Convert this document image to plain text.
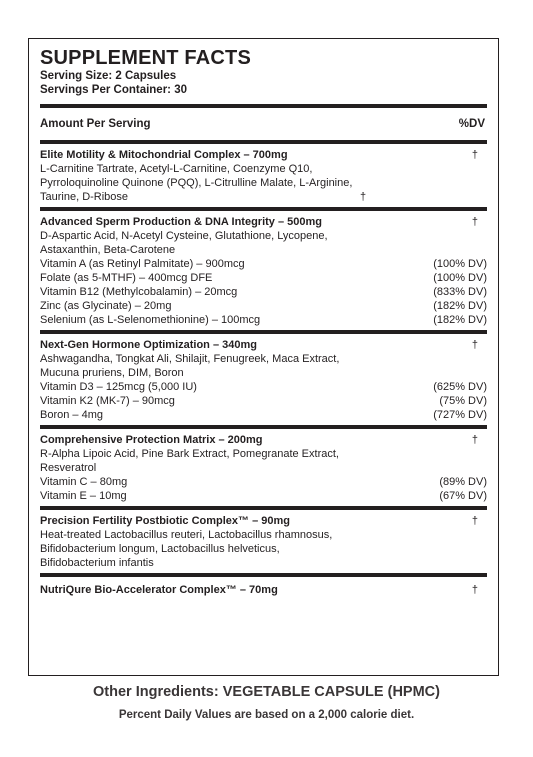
SUPPLEMENT FACTS
Serving Size: 2 Capsules
Servings Per Container: 30
Amount Per Serving	%DV
Elite Motility & Mitochondrial Complex – 700mg	†
L-Carnitine Tartrate, Acetyl-L-Carnitine, Coenzyme Q10,
Pyrroloquinoline Quinone (PQQ), L-Citrulline Malate, L-Arginine,
Taurine, D-Ribose	†
Advanced Sperm Production & DNA Integrity – 500mg	†
D-Aspartic Acid, N-Acetyl Cysteine, Glutathione, Lycopene,
Astaxanthin, Beta-Carotene
Vitamin A (as Retinyl Palmitate) – 900mcg	(100% DV)
Folate (as 5-MTHF) – 400mcg DFE	(100% DV)
Vitamin B12 (Methylcobalamin) – 20mcg	(833% DV)
Zinc (as Glycinate) – 20mg	(182% DV)
Selenium (as L-Selenomethionine) – 100mcg	(182% DV)
Next-Gen Hormone Optimization – 340mg	†
Ashwagandha, Tongkat Ali, Shilajit, Fenugreek, Maca Extract,
Mucuna pruriens, DIM, Boron
Vitamin D3 – 125mcg (5,000 IU)	(625% DV)
Vitamin K2 (MK-7) – 90mcg	(75% DV)
Boron – 4mg	(727% DV)
Comprehensive Protection Matrix – 200mg	†
R-Alpha Lipoic Acid, Pine Bark Extract, Pomegranate Extract,
Resveratrol
Vitamin C – 80mg	(89% DV)
Vitamin E – 10mg	(67% DV)
Precision Fertility Postbiotic Complex™ – 90mg	†
Heat-treated Lactobacillus reuteri, Lactobacillus rhamnosus,
Bifidobacterium longum, Lactobacillus helveticus,
Bifidobacterium infantis
NutriQure Bio-Accelerator Complex™ – 70mg	†
Other Ingredients: VEGETABLE CAPSULE (HPMC)
Percent Daily Values are based on a 2,000 calorie diet.
